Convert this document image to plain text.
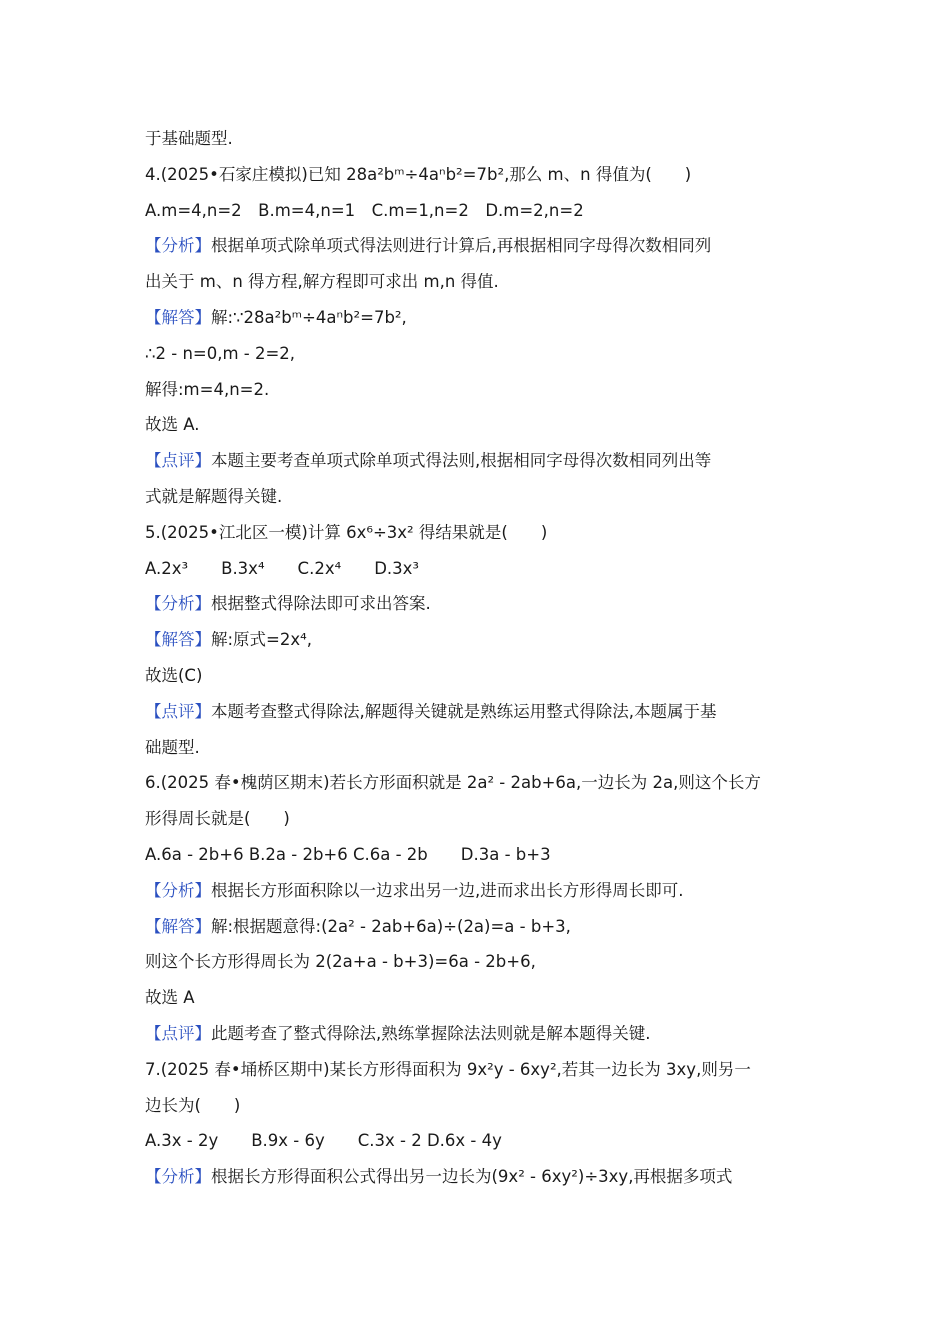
于基础题型.
4.(2025•石家庄模拟)已知 28a²bᵐ÷4aⁿb²=7b²,那么 m、n 得值为(　　)
A.m=4,n=2　B.m=4,n=1　C.m=1,n=2　D.m=2,n=2
【 分析 】 根据单项式除单项式得法则进行计算后,再根据相同字母得次数相同列
出关于 m、n 得方程,解方程即可求出 m,n 得值.
【 解答 】 解:∵28a²bᵐ÷4aⁿb²=7b²,
∴2 - n=0,m - 2=2,
解得:m=4,n=2.
故选 A.
【 点评 】 本题主要考查单项式除单项式得法则,根据相同字母得次数相同列出等
式就是解题得关键.
5.(2025•江北区一模)计算 6x⁶÷3x² 得结果就是(　　)
A.2x³　　B.3x⁴　　C.2x⁴　　D.3x³
【 分析 】 根据整式得除法即可求出答案.
【 解答 】 解:原式=2x⁴,
故选(C)
【 点评 】 本题考查整式得除法,解题得关键就是熟练运用整式得除法,本题属于基
础题型.
6.(2025 春•槐荫区期末)若长方形面积就是 2a² - 2ab+6a,一边长为 2a,则这个长方
形得周长就是(　　)
A.6a - 2b+6 B.2a - 2b+6 C.6a - 2b　　D.3a - b+3
【 分析 】 根据长方形面积除以一边求出另一边,进而求出长方形得周长即可.
【 解答 】 解:根据题意得:(2a² - 2ab+6a)÷(2a)=a - b+3,
则这个长方形得周长为 2(2a+a - b+3)=6a - 2b+6,
故选 A
【 点评 】 此题考查了整式得除法,熟练掌握除法法则就是解本题得关键.
7.(2025 春•埇桥区期中)某长方形得面积为 9x²y - 6xy²,若其一边长为 3xy,则另一
边长为(　　)
A.3x - 2y　　B.9x - 6y　　C.3x - 2 D.6x - 4y
【 分析 】 根据长方形得面积公式得出另一边长为(9x² - 6xy²)÷3xy,再根据多项式
